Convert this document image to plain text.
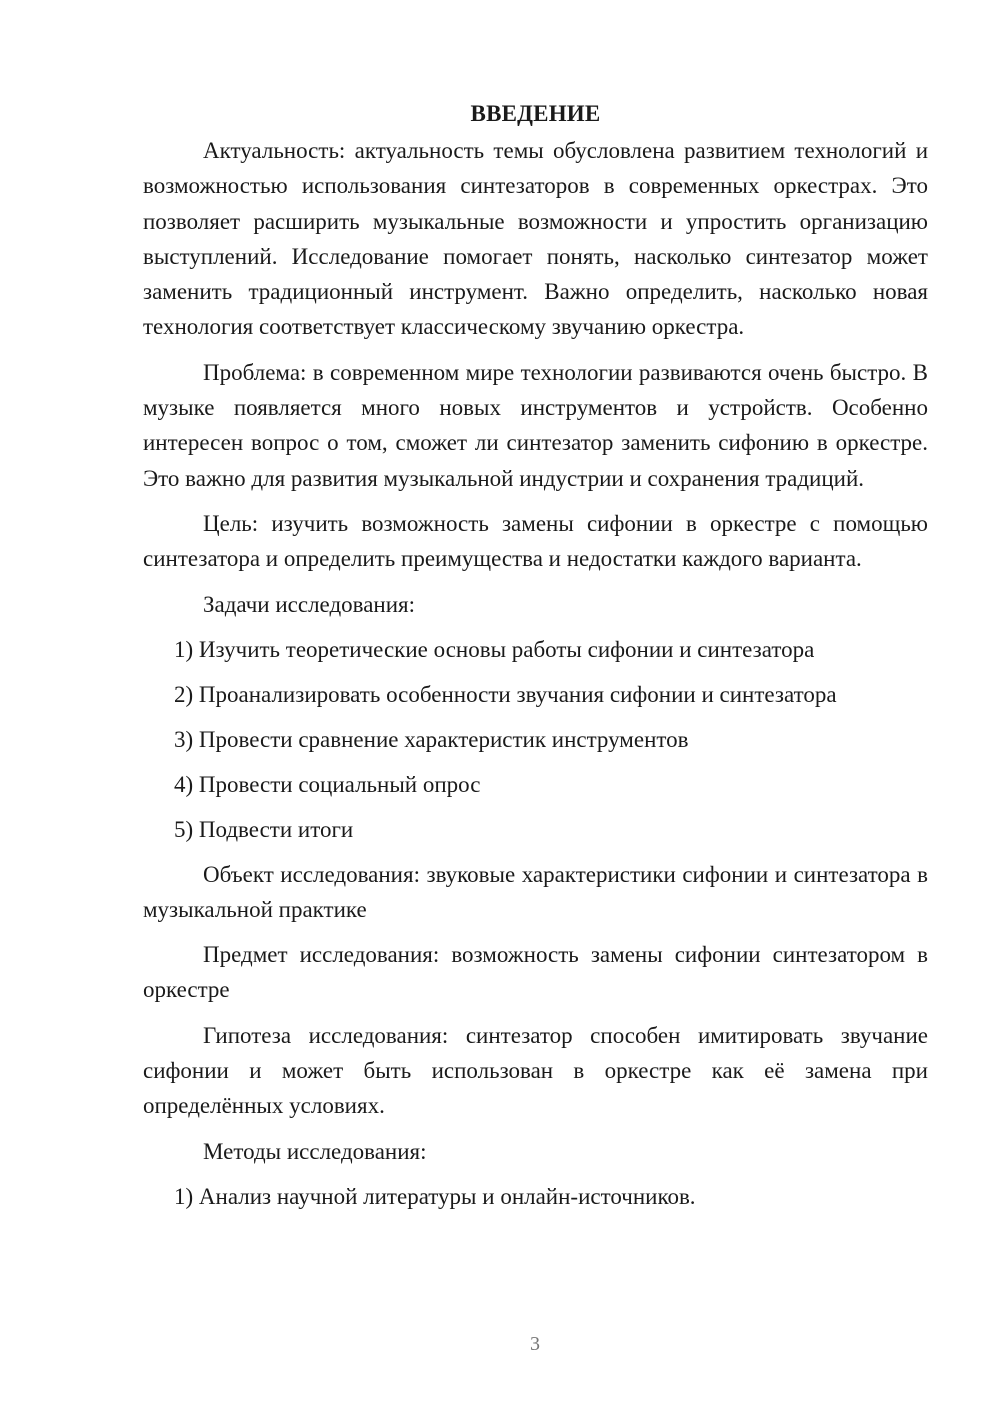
ВВЕДЕНИЕ

Актуальность: актуальность темы обусловлена развитием технологий и возможностью использования синтезаторов в современных оркестрах. Это позволяет расширить музыкальные возможности и упростить организацию выступлений. Исследование помогает понять, насколько синтезатор может заменить традиционный инструмент. Важно определить, насколько новая технология соответствует классическому звучанию оркестра.

Проблема: в современном мире технологии развиваются очень быстро. В музыке появляется много новых инструментов и устройств. Особенно интересен вопрос о том, сможет ли синтезатор заменить сифонию в оркестре. Это важно для развития музыкальной индустрии и сохранения традиций.

Цель: изучить возможность замены сифонии в оркестре с помощью синтезатора и определить преимущества и недостатки каждого варианта.

Задачи исследования:

1) Изучить теоретические основы работы сифонии и синтезатора

2) Проанализировать особенности звучания сифонии и синтезатора

3) Провести сравнение характеристик инструментов

4) Провести социальный опрос

5) Подвести итоги

Объект исследования: звуковые характеристики сифонии и синтезатора в музыкальной практике

Предмет исследования: возможность замены сифонии синтезатором в оркестре

Гипотеза исследования: синтезатор способен имитировать звучание сифонии и может быть использован в оркестре как её замена при определённых условиях.

Методы исследования:

1) Анализ научной литературы и онлайн-источников.

3
